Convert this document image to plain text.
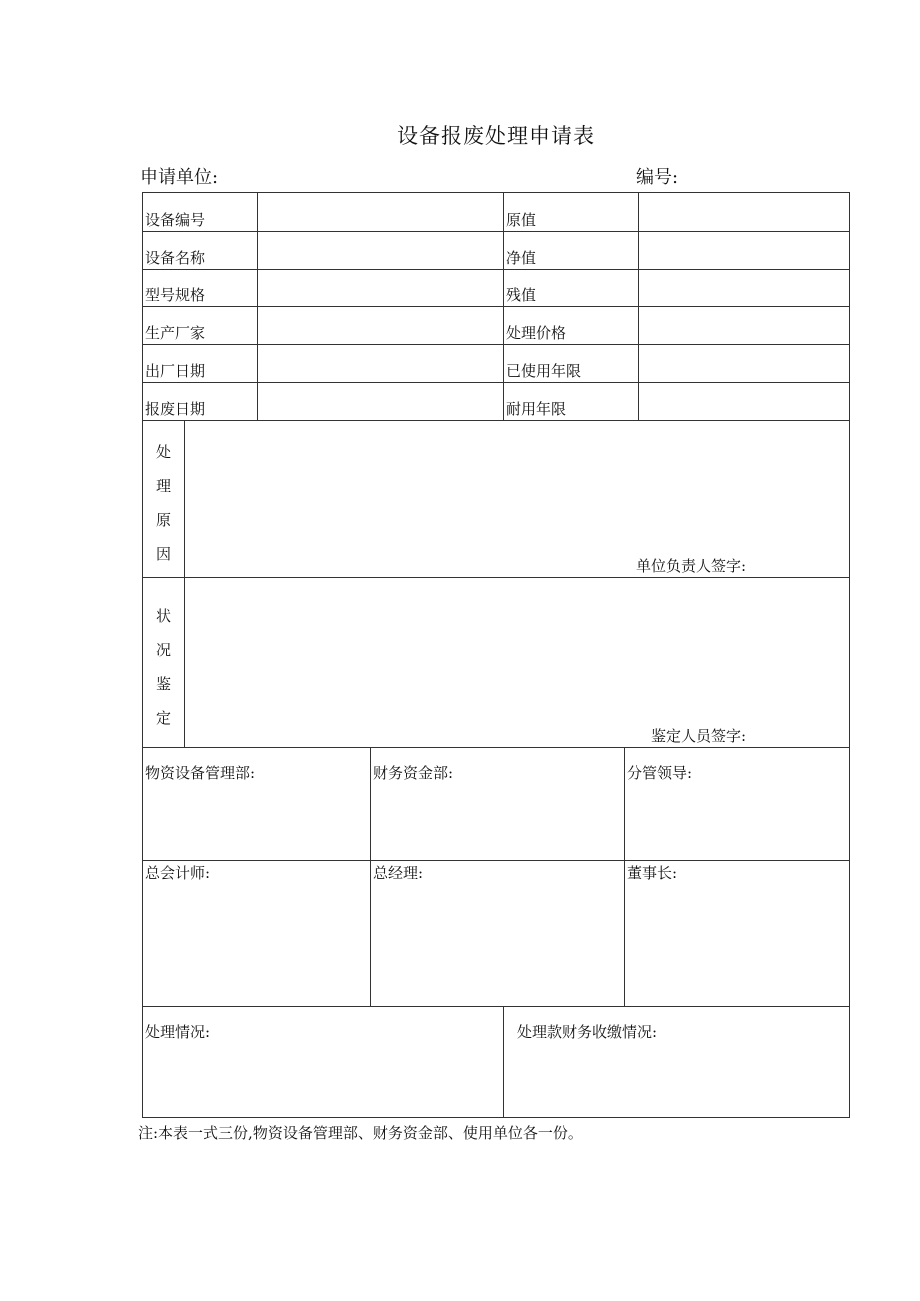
设备报废处理申请表
申请单位:	编号:
设备编号	原值
设备名称	净值
型号规格	残值
生产厂家	处理价格
出厂日期	已使用年限
报废日期	耐用年限
处
理
原
因
单位负责人签字:
状
况
鉴
定
鉴定人员签字:
物资设备管理部:	财务资金部:	分管领导:
总会计师:	总经理:	董事长:
处理情况:	处理款财务收缴情况:
注:本表一式三份,物资设备管理部、财务资金部、使用单位各一份。
